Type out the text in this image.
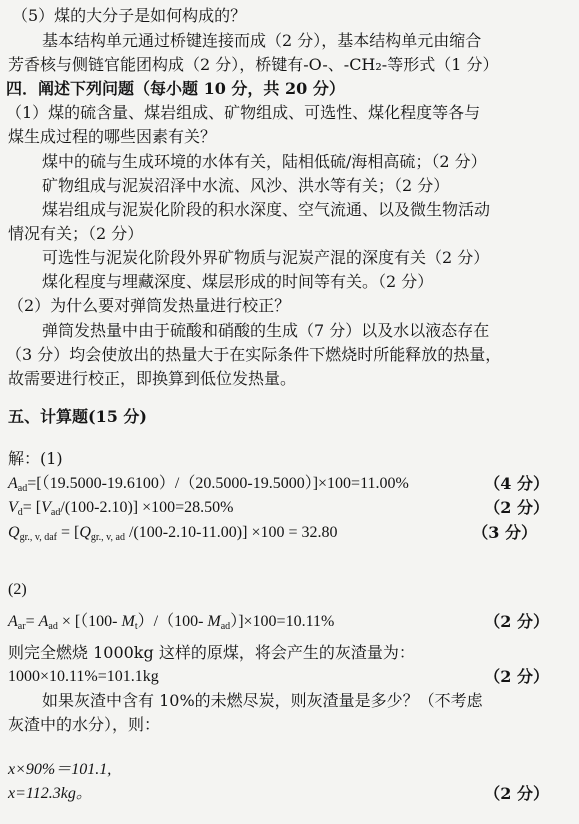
（5）煤的大分子是如何构成的？
基本结构单元通过桥键连接而成（2 分），基本结构单元由缩合
芳香核与侧链官能团构成（2 分），桥键有-O-、-CH₂-等形式（1 分）
四．阐述下列问题（每小题 10 分，共 20 分）
（1）煤的硫含量、煤岩组成、矿物组成、可选性、煤化程度等各与
煤生成过程的哪些因素有关？
煤中的硫与生成环境的水体有关，陆相低硫/海相高硫；（2 分）
矿物组成与泥炭沼泽中水流、风沙、洪水等有关；（2 分）
煤岩组成与泥炭化阶段的积水深度、空气流通、以及微生物活动
情况有关；（2 分）
可选性与泥炭化阶段外界矿物质与泥炭产混的深度有关（2 分）
煤化程度与埋藏深度、煤层形成的时间等有关。（2 分）
（2）为什么要对弹筒发热量进行校正？
弹筒发热量中由于硫酸和硝酸的生成（7 分）以及水以液态存在
（3 分）均会使放出的热量大于在实际条件下燃烧时所能释放的热量，
故需要进行校正，即换算到低位发热量。
五、计算题(15 分)
解：(1)
$A_{ad}=[(19.5000-19.6100)/(20.5000-19.5000)]\times 100=11.00\%$	（4 分）
$V_d= [V_{ad}/(100-2.10)] \times 100=28.50\%$	（2 分）
$Q_{gr., v, daf} = [Q_{gr., v, ad}$ /(100-2.10-11.00)] ×100 = 32.80	（3 分）
(2)
$A_{ar}= A_{ad} \times [(100-$ $M_t)/(100-$ $M_{ad})]\times 100=10.11\%$	（2 分）
则完全燃烧 1000kg 这样的原煤，将会产生的灰渣量为：
1000×10.11%=101.1kg	（2 分）
如果灰渣中含有 10%的未燃尽炭，则灰渣量是多少？（不考虑
灰渣中的水分），则：
x×90%＝101.1,
x=112.3kg。	（2 分）
